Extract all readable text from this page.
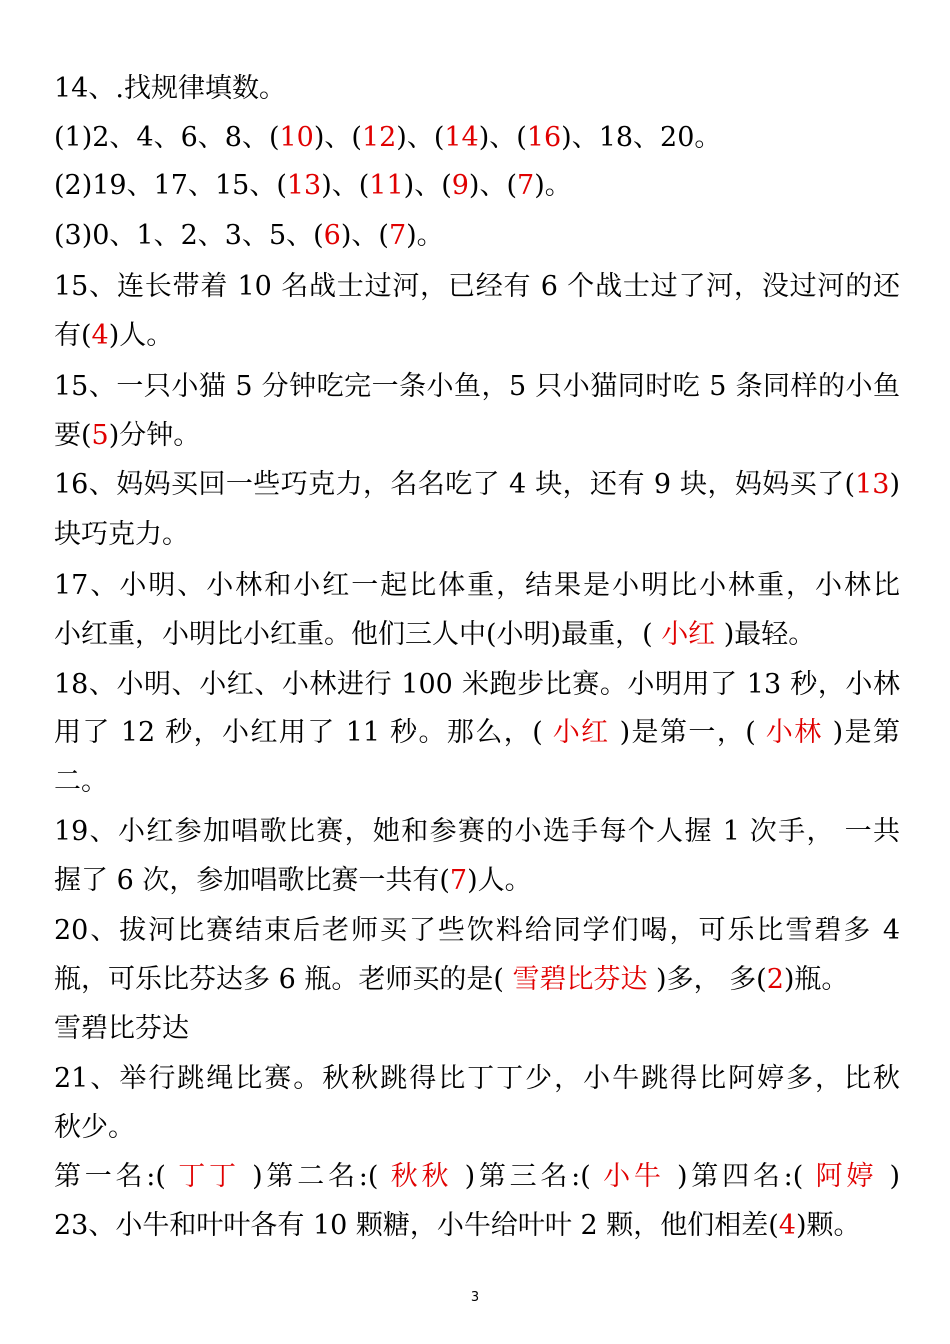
14、.找规律填数。
(1)2、4、6、8、(10)、(12)、(14)、(16)、18、20。
(2)19、17、15、(13)、(11)、(9)、(7)。
(3)0、1、2、3、5、(6)、(7)。
15、连长带着 10 名战士过河，已经有 6 个战士过了河，没过河的还
有(4)人。
15、一只小猫 5 分钟吃完一条小鱼，5 只小猫同时吃 5 条同样的小鱼
要(5)分钟。
16、妈妈买回一些巧克力，名名吃了 4 块，还有 9 块，妈妈买了(13)
块巧克力。
17、小明、小林和小红一起比体重，结果是小明比小林重，小林比
小红重，小明比小红重。他们三人中(小明)最重，( 小红 )最轻。
18、小明、小红、小林进行 100 米跑步比赛。小明用了 13 秒，小林
用了 12 秒，小红用了 11 秒。那么，( 小红 )是第一，( 小林 )是第
二。
19、小红参加唱歌比赛，她和参赛的小选手每个人握 1 次手， 一共
握了 6 次，参加唱歌比赛一共有(7)人。
20、拔河比赛结束后老师买了些饮料给同学们喝，可乐比雪碧多 4
瓶，可乐比芬达多 6 瓶。老师买的是( 雪碧比芬达 )多， 多(2)瓶。
雪碧比芬达
21、举行跳绳比赛。秋秋跳得比丁丁少，小牛跳得比阿婷多，比秋
秋少。
第一名:( 丁丁 )第二名:( 秋秋 )第三名:( 小牛 )第四名:( 阿婷 )
23、小牛和叶叶各有 10 颗糖，小牛给叶叶 2 颗，他们相差(4)颗。
3
